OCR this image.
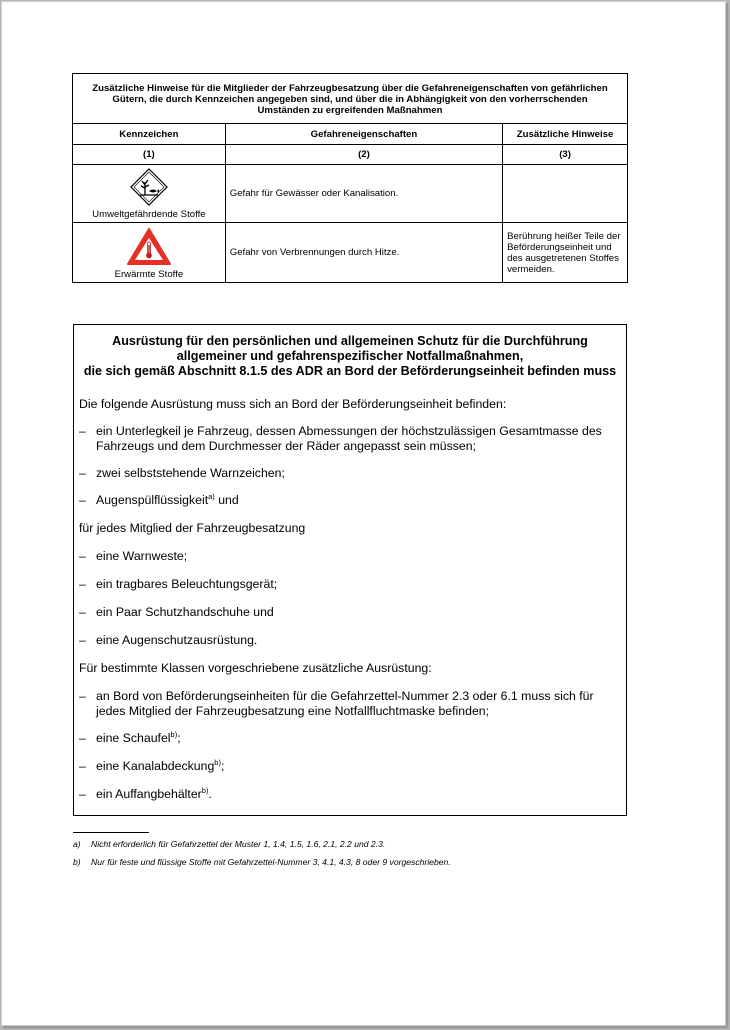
Zusätzliche Hinweise für die Mitglieder der Fahrzeugbesatzung über die Gefahreneigenschaften von gefährlichen Gütern, die durch Kennzeichen angegeben sind, und über die in Abhängigkeit von den vorherrschenden Umständen zu ergreifenden Maßnahmen		
Kennzeichen	Gefahreneigenschaften	Zusätzliche Hinweise
(1)	(2)	(3)

Umweltgefährdende Stoffe	Gefahr für Gewässer oder Kanalisation.	

Erwärmte Stoffe	Gefahr von Verbrennungen durch Hitze.	Berührung heißer Teile der Beförderungseinheit und des ausgetretenen Stoffes vermeiden.
Ausrüstung für den persönlichen und allgemeinen Schutz für die Durchführung
allgemeiner und gefahrenspezifischer Notfallmaßnahmen,
die sich gemäß Abschnitt 8.1.5 des ADR an Bord der Beförderungseinheit befinden muss
Die folgende Ausrüstung muss sich an Bord der Beförderungseinheit befinden:
– ein Unterlegkeil je Fahrzeug, dessen Abmessungen der höchstzulässigen Gesamtmasse des Fahrzeugs und dem Durchmesser der Räder angepasst sein müssen;
– zwei selbststehende Warnzeichen;
– Augenspülflüssigkeit$^{a)}$ und
für jedes Mitglied der Fahrzeugbesatzung
– eine Warnweste;
– ein tragbares Beleuchtungsgerät;
– ein Paar Schutzhandschuhe und
– eine Augenschutzausrüstung.
Für bestimmte Klassen vorgeschriebene zusätzliche Ausrüstung:
– an Bord von Beförderungseinheiten für die Gefahrzettel-Nummer 2.3 oder 6.1 muss sich für jedes Mitglied der Fahrzeugbesatzung eine Notfallfluchtmaske befinden;
– eine Schaufel$^{b)}$;
– eine Kanalabdeckung$^{b)}$;
– ein Auffangbehälter$^{b)}$.
a) Nicht erforderlich für Gefahrzettel der Muster 1, 1.4, 1.5, 1.6, 2.1, 2.2 und 2.3.
b) Nur für feste und flüssige Stoffe mit Gefahrzettel-Nummer 3, 4.1, 4.3, 8 oder 9 vorgeschrieben.
